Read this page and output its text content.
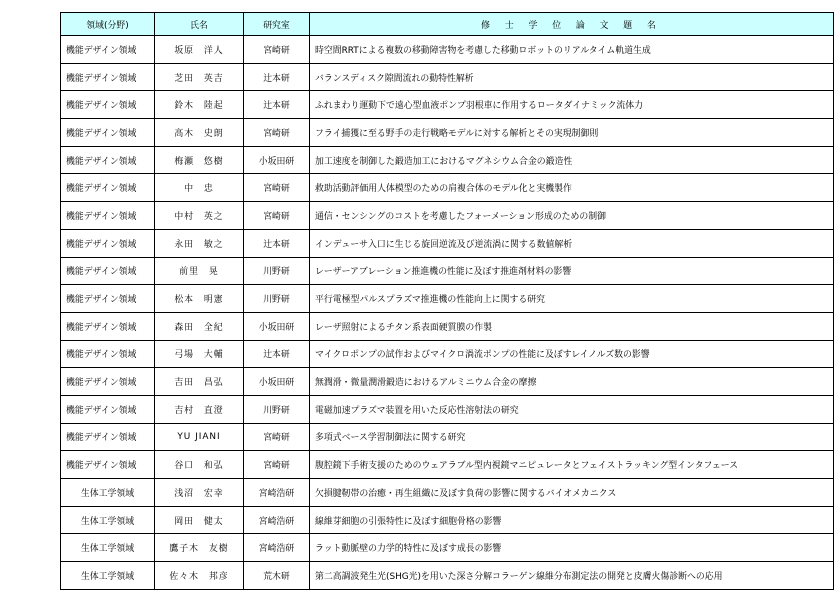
領域(分野)	氏名	研究室	修 士 学 位 論 文 題 名
機能デザイン領域	坂原　洋人	宮崎研	時空間RRTによる複数の移動障害物を考慮した移動ロボットのリアルタイム軌道生成
機能デザイン領域	芝田　英吉	辻本研	バランスディスク隙間流れの動特性解析
機能デザイン領域	鈴木　陸起	辻本研	ふれまわり運動下で遠心型血液ポンプ羽根車に作用するロータダイナミック流体力
機能デザイン領域	高木　史朗	宮崎研	フライ捕獲に至る野手の走行戦略モデルに対する解析とその実現制御則
機能デザイン領域	梅瀬　悠樹	小坂田研	加工速度を制御した鍛造加工におけるマグネシウム合金の鍛造性
機能デザイン領域	中　忠	宮崎研	救助活動評価用人体模型のための肩複合体のモデル化と実機製作
機能デザイン領域	中村　英之	宮崎研	通信・センシングのコストを考慮したフォーメーション形成のための制御
機能デザイン領域	永田　敏之	辻本研	インデューサ入口に生じる旋回逆流及び逆流渦に関する数値解析
機能デザイン領域	前里　晃	川野研	レーザーアブレーション推進機の性能に及ぼす推進剤材料の影響
機能デザイン領域	松本　明憲	川野研	平行電極型パルスプラズマ推進機の性能向上に関する研究
機能デザイン領域	森田　全紀	小坂田研	レーザ照射によるチタン系表面硬質膜の作製
機能デザイン領域	弓場　大輔	辻本研	マイクロポンプの試作およびマイクロ渦流ポンプの性能に及ぼすレイノルズ数の影響
機能デザイン領域	吉田　昌弘	小坂田研	無潤滑・微量潤滑鍛造におけるアルミニウム合金の摩擦
機能デザイン領域	吉村　直澄	川野研	電磁加速プラズマ装置を用いた反応性溶射法の研究
機能デザイン領域	YU JIANI	宮崎研	多項式ベース学習制御法に関する研究
機能デザイン領域	谷口　和弘	宮崎研	腹腔鏡下手術支援のためのウェアラブル型内視鏡マニピュレータとフェイストラッキング型インタフェース
生体工学領域	浅沼　宏幸	宮崎浩研	欠損腱靭帯の治癒・再生組織に及ぼす負荷の影響に関するバイオメカニクス
生体工学領域	岡田　健太	宮崎浩研	線維芽細胞の引張特性に及ぼす細胞骨格の影響
生体工学領域	鷹子木　友樹	宮崎浩研	ラット動脈壁の力学的特性に及ぼす成長の影響
生体工学領域	佐々木　邦彦	荒木研	第二高調波発生光(SHG光)を用いた深さ分解コラーゲン線維分布測定法の開発と皮膚火傷診断への応用
